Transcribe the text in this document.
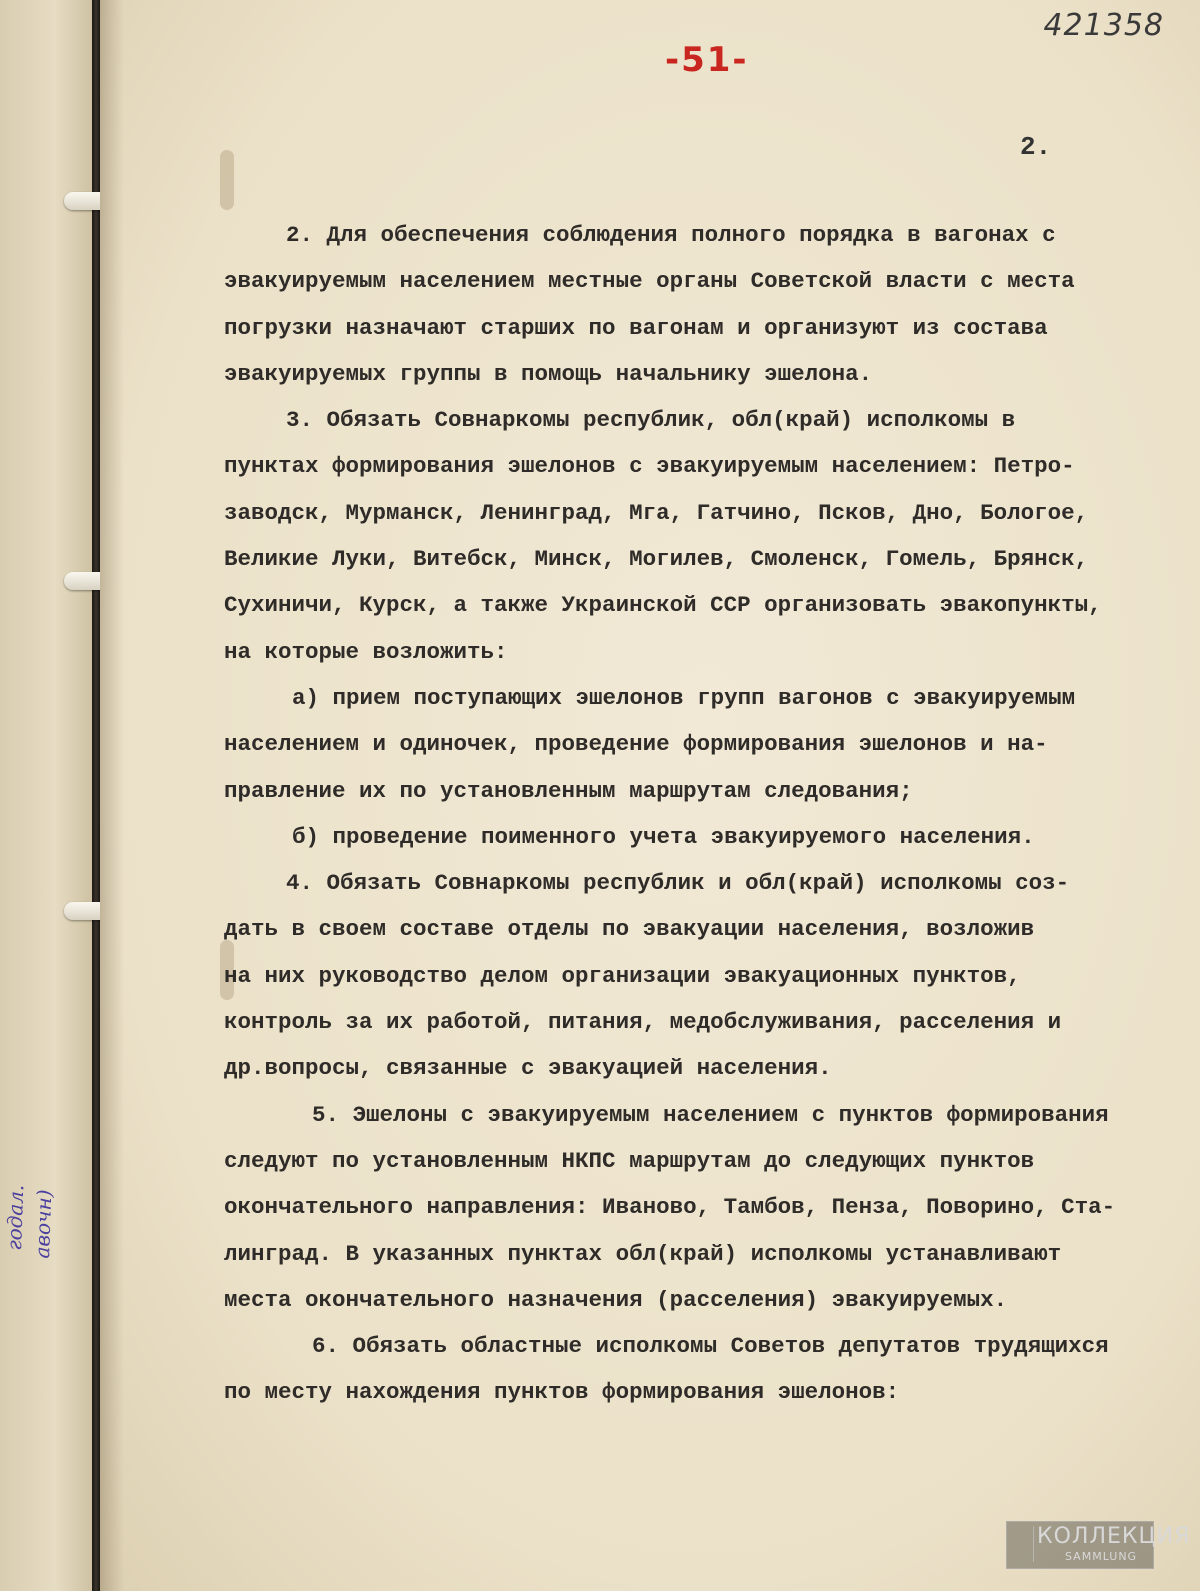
годал. авочн)
-51-
2.
2. Для обеспечения соблюдения полного порядка в вагонах с
эвакуируемым населением местные органы Советской власти с места
погрузки назначают старших по вагонам и организуют из состава
эвакуируемых группы в помощь начальнику эшелона.
3. Обязать Совнаркомы республик, обл(край) исполкомы в
пунктах формирования эшелонов с эвакуируемым населением: Петро-
заводск, Мурманск, Ленинград, Мга, Гатчино, Псков, Дно, Бологое,
Великие Луки, Витебск, Минск, Могилев, Смоленск, Гомель, Брянск,
Сухиничи, Курск, а также Украинской ССР организовать эвакопункты,
на которые возложить:
а) прием поступающих эшелонов групп вагонов с эвакуируемым
населением и одиночек, проведение формирования эшелонов и на-
правление их по установленным маршрутам следования;
б) проведение поименного учета эвакуируемого населения.
4. Обязать Совнаркомы республик и обл(край) исполкомы соз-
дать в своем составе отделы по эвакуации населения, возложив
на них руководство делом организации эвакуационных пунктов,
контроль за их работой, питания, медобслуживания, расселения и
др.вопросы, связанные с эвакуацией населения.
5. Эшелоны с эвакуируемым населением с пунктов формирования
следуют по установленным НКПС маршрутам до следующих пунктов
окончательного направления: Иваново, Тамбов, Пенза, Поворино, Ста-
линград. В указанных пунктах обл(край) исполкомы устанавливают
места окончательного назначения (расселения) эвакуируемых.
6. Обязать областные исполкомы Советов депутатов трудящихся
по месту нахождения пунктов формирования эшелонов:
КОЛЛЕКЦИЯ
SAMMLUNG
421358
